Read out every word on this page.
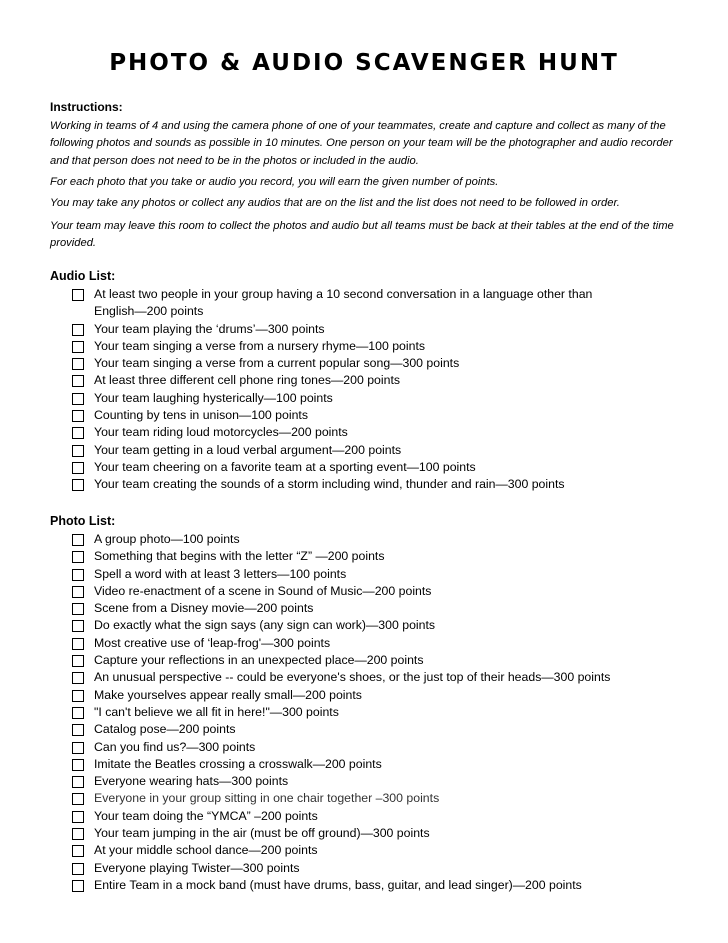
PHOTO & AUDIO SCAVENGER HUNT
Instructions:

Working in teams of 4 and using the camera phone of one of your teammates, create and capture and collect as many of the following photos and sounds as possible in 10 minutes. One person on your team will be the photographer and audio recorder and that person does not need to be in the photos or included in the audio.

For each photo that you take or audio you record, you will earn the given number of points.

You may take any photos or collect any audios that are on the list and the list does not need to be followed in order.

Your team may leave this room to collect the photos and audio but all teams must be back at their tables at the end of the time provided.

Audio List:
At least two people in your group having a 10 second conversation in a language other than English—200 points
Your team playing the ‘drums’—300 points
Your team singing a verse from a nursery rhyme—100 points
Your team singing a verse from a current popular song—300 points
At least three different cell phone ring tones—200 points
Your team laughing hysterically—100 points
Counting by tens in unison—100 points
Your team riding loud motorcycles—200 points
Your team getting in a loud verbal argument—200 points
Your team cheering on a favorite team at a sporting event—100 points
Your team creating the sounds of a storm including wind, thunder and rain—300 points
Photo List:
A group photo—100 points
Something that begins with the letter “Z” —200 points
Spell a word with at least 3 letters—100 points
Video re-enactment of a scene in Sound of Music—200 points
Scene from a Disney movie—200 points
Do exactly what the sign says (any sign can work)—300 points
Most creative use of ‘leap-frog'—300 points
Capture your reflections in an unexpected place—200 points
An unusual perspective -- could be everyone's shoes, or the just top of their heads—300 points
Make yourselves appear really small—200 points
"I can't believe we all fit in here!"—300 points
Catalog pose—200 points
Can you find us?—300 points
Imitate the Beatles crossing a crosswalk—200 points
Everyone wearing hats—300 points
Everyone in your group sitting in one chair together –300 points
Your team doing the “YMCA” –200 points
Your team jumping in the air (must be off ground)—300 points
At your middle school dance—200 points
Everyone playing Twister—300 points
Entire Team in a mock band (must have drums, bass, guitar, and lead singer)—200 points
